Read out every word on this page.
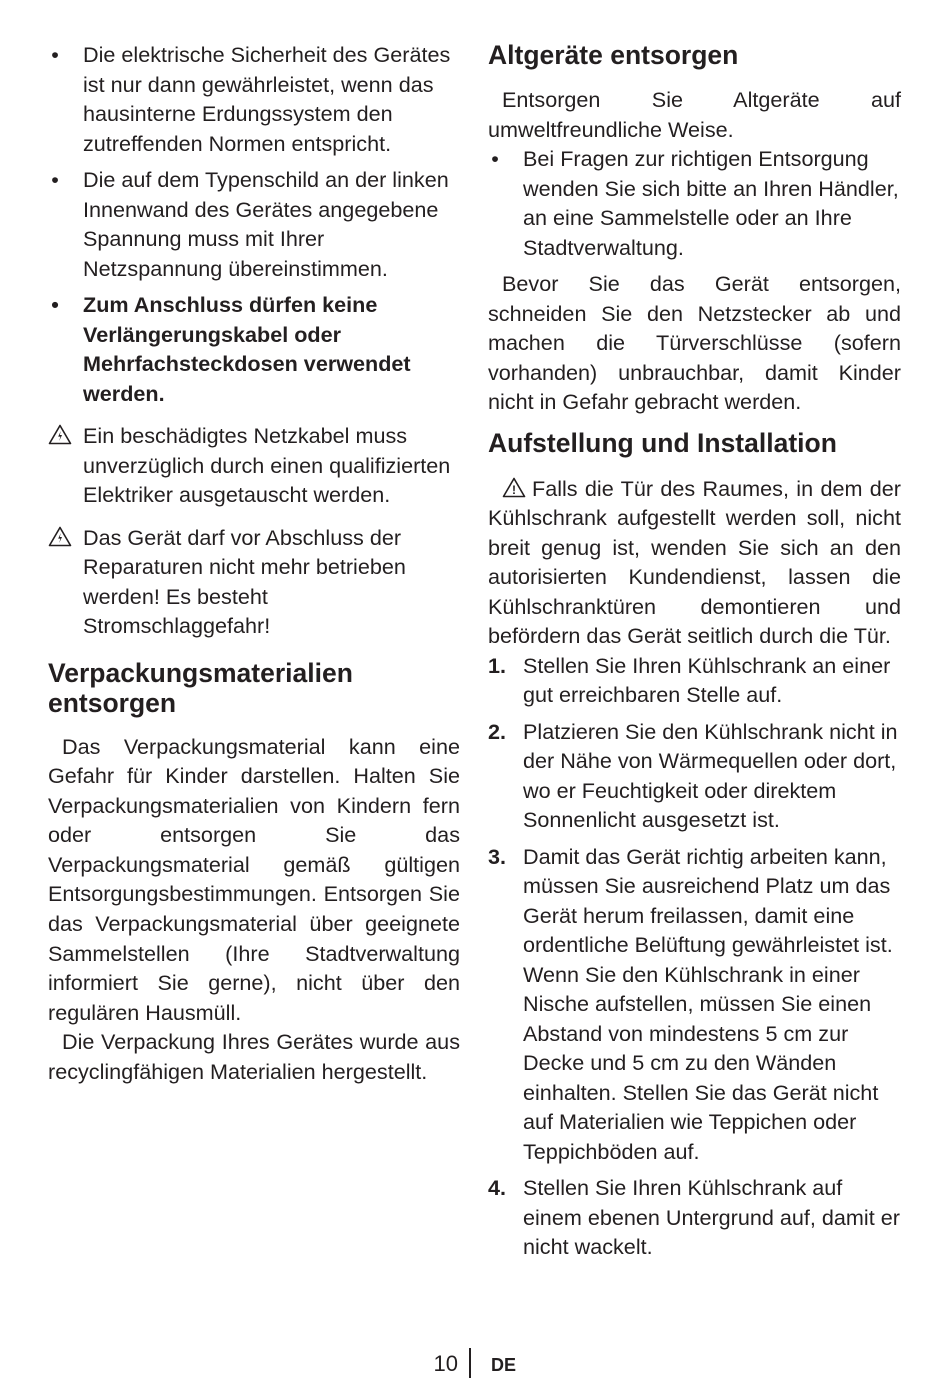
• Die elektrische Sicherheit des Gerätes ist nur dann gewährleistet, wenn das hausinterne Erdungssystem den zutreffenden Normen entspricht.
• Die auf dem Typenschild an der linken Innenwand des Gerätes angegebene Spannung muss mit Ihrer Netzspannung übereinstimmen.
• Zum Anschluss dürfen keine Verlängerungskabel oder Mehrfachsteckdosen verwendet werden.
Ein beschädigtes Netzkabel muss unverzüglich durch einen qualifizierten Elektriker ausgetauscht werden.
Das Gerät darf vor Abschluss der Reparaturen nicht mehr betrieben werden! Es besteht Stromschlaggefahr!
Verpackungsmaterialien entsorgen

Das Verpackungsmaterial kann eine Gefahr für Kinder darstellen. Halten Sie Verpackungsmaterialien von Kindern fern oder entsorgen Sie das Verpackungsmaterial gemäß gültigen Entsorgungsbestimmungen. Entsorgen Sie das Verpackungsmaterial über geeignete Sammelstellen (Ihre Stadtverwaltung informiert Sie gerne), nicht über den regulären Hausmüll.

Die Verpackung Ihres Gerätes wurde aus recyclingfähigen Materialien hergestellt.

Altgeräte entsorgen

Entsorgen Sie Altgeräte auf umweltfreundliche Weise.

• Bei Fragen zur richtigen Entsorgung wenden Sie sich bitte an Ihren Händler, an eine Sammelstelle oder an Ihre Stadtverwaltung.

Bevor Sie das Gerät entsorgen, schneiden Sie den Netzstecker ab und machen die Türverschlüsse (sofern vorhanden) unbrauchbar, damit Kinder nicht in Gefahr gebracht werden.

Aufstellung und Installation

! Falls die Tür des Raumes, in dem der Kühlschrank aufgestellt werden soll, nicht breit genug ist, wenden Sie sich an den autorisierten Kundendienst, lassen die Kühlschranktüren demontieren und befördern das Gerät seitlich durch die Tür.

1. Stellen Sie Ihren Kühlschrank an einer gut erreichbaren Stelle auf.
2. Platzieren Sie den Kühlschrank nicht in der Nähe von Wärmequellen oder dort, wo er Feuchtigkeit oder direktem Sonnenlicht ausgesetzt ist.
3. Damit das Gerät richtig arbeiten kann, müssen Sie ausreichend Platz um das Gerät herum freilassen, damit eine ordentliche Belüftung gewährleistet ist. Wenn Sie den Kühlschrank in einer Nische aufstellen, müssen Sie einen Abstand von mindestens 5 cm zur Decke und 5 cm zu den Wänden einhalten. Stellen Sie das Gerät nicht auf Materialien wie Teppichen oder Teppichböden auf.
4. Stellen Sie Ihren Kühlschrank auf einem ebenen Untergrund auf, damit er nicht wackelt.
10 DE
